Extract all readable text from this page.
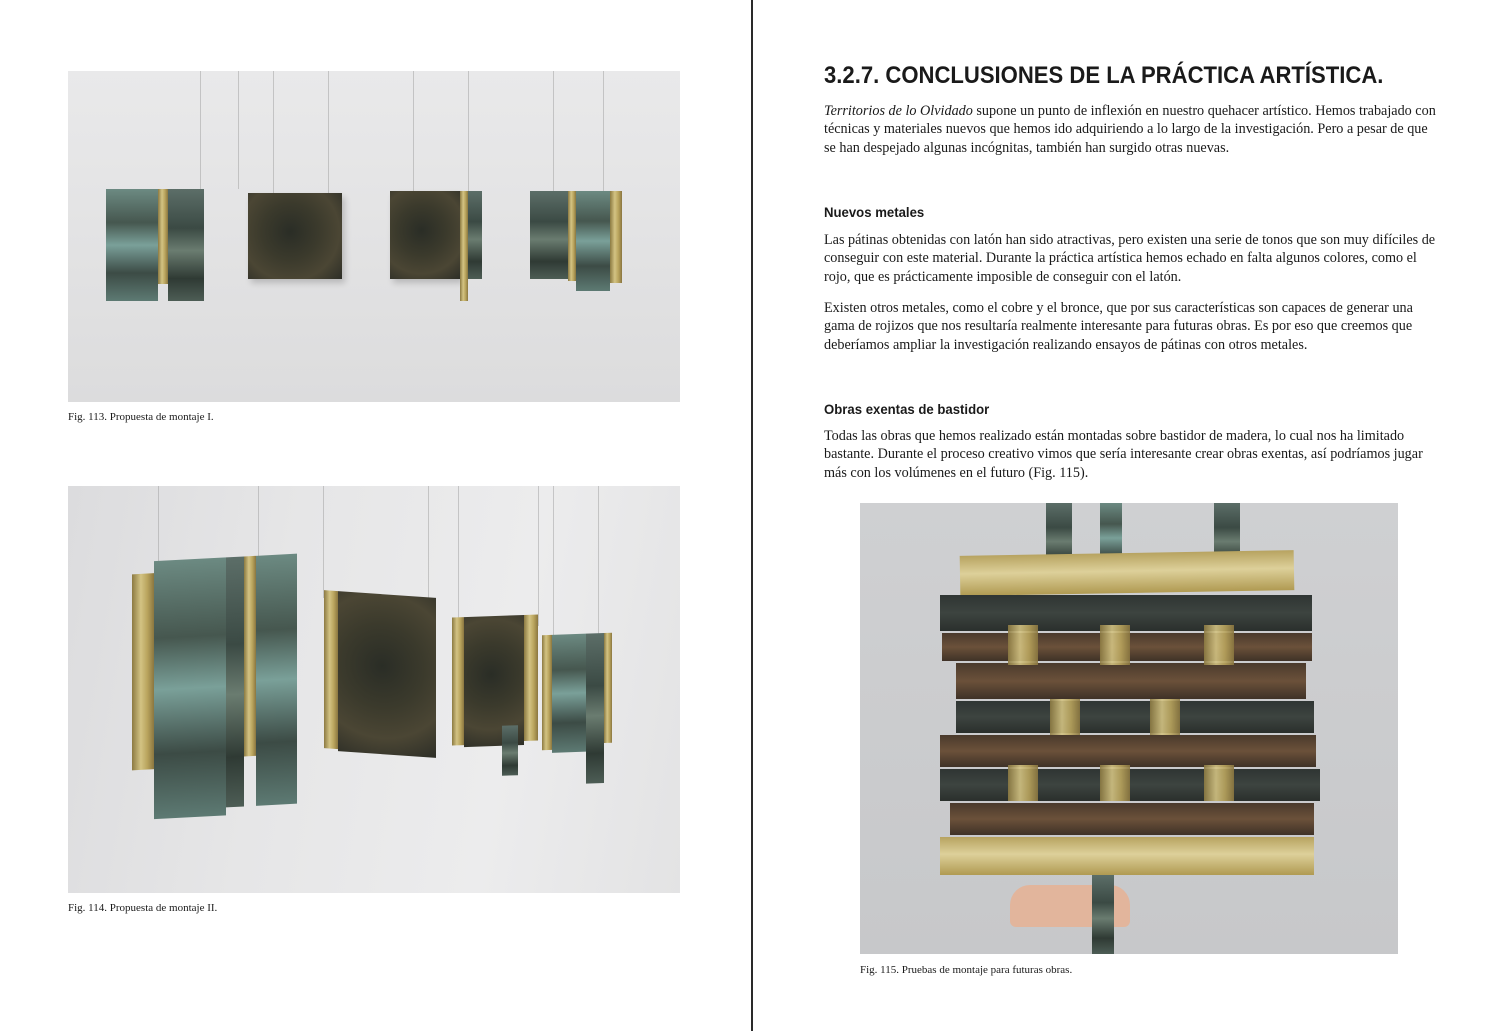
Fig. 113. Propuesta de montaje I.
Fig. 114. Propuesta de montaje II.
3.2.7. CONCLUSIONES DE LA PRÁCTICA ARTÍSTICA.

Territorios de lo Olvidado supone un punto de inflexión en nuestro quehacer artístico. Hemos trabajado con técnicas y materiales nuevos que hemos ido adquiriendo a lo largo de la investigación. Pero a pesar de que se han despejado algunas incógnitas, también han surgido otras nuevas.

Nuevos metales

Las pátinas obtenidas con latón han sido atractivas, pero existen una serie de tonos que son muy difíciles de conseguir con este material. Durante la práctica artística hemos echado en falta algunos colores, como el rojo, que es prácticamente imposible de conseguir con el latón.

Existen otros metales, como el cobre y el bronce, que por sus características son capaces de generar una gama de rojizos que nos resultaría realmente interesante para futuras obras. Es por eso que creemos que deberíamos ampliar la investigación realizando ensayos de pátinas con otros metales.

Obras exentas de bastidor

Todas las obras que hemos realizado están montadas sobre bastidor de madera, lo cual nos ha limitado bastante. Durante el proceso creativo vimos que sería interesante crear obras exentas, así podríamos jugar más con los volúmenes en el futuro (Fig. 115).

Fig. 115. Pruebas de montaje para futuras obras.
